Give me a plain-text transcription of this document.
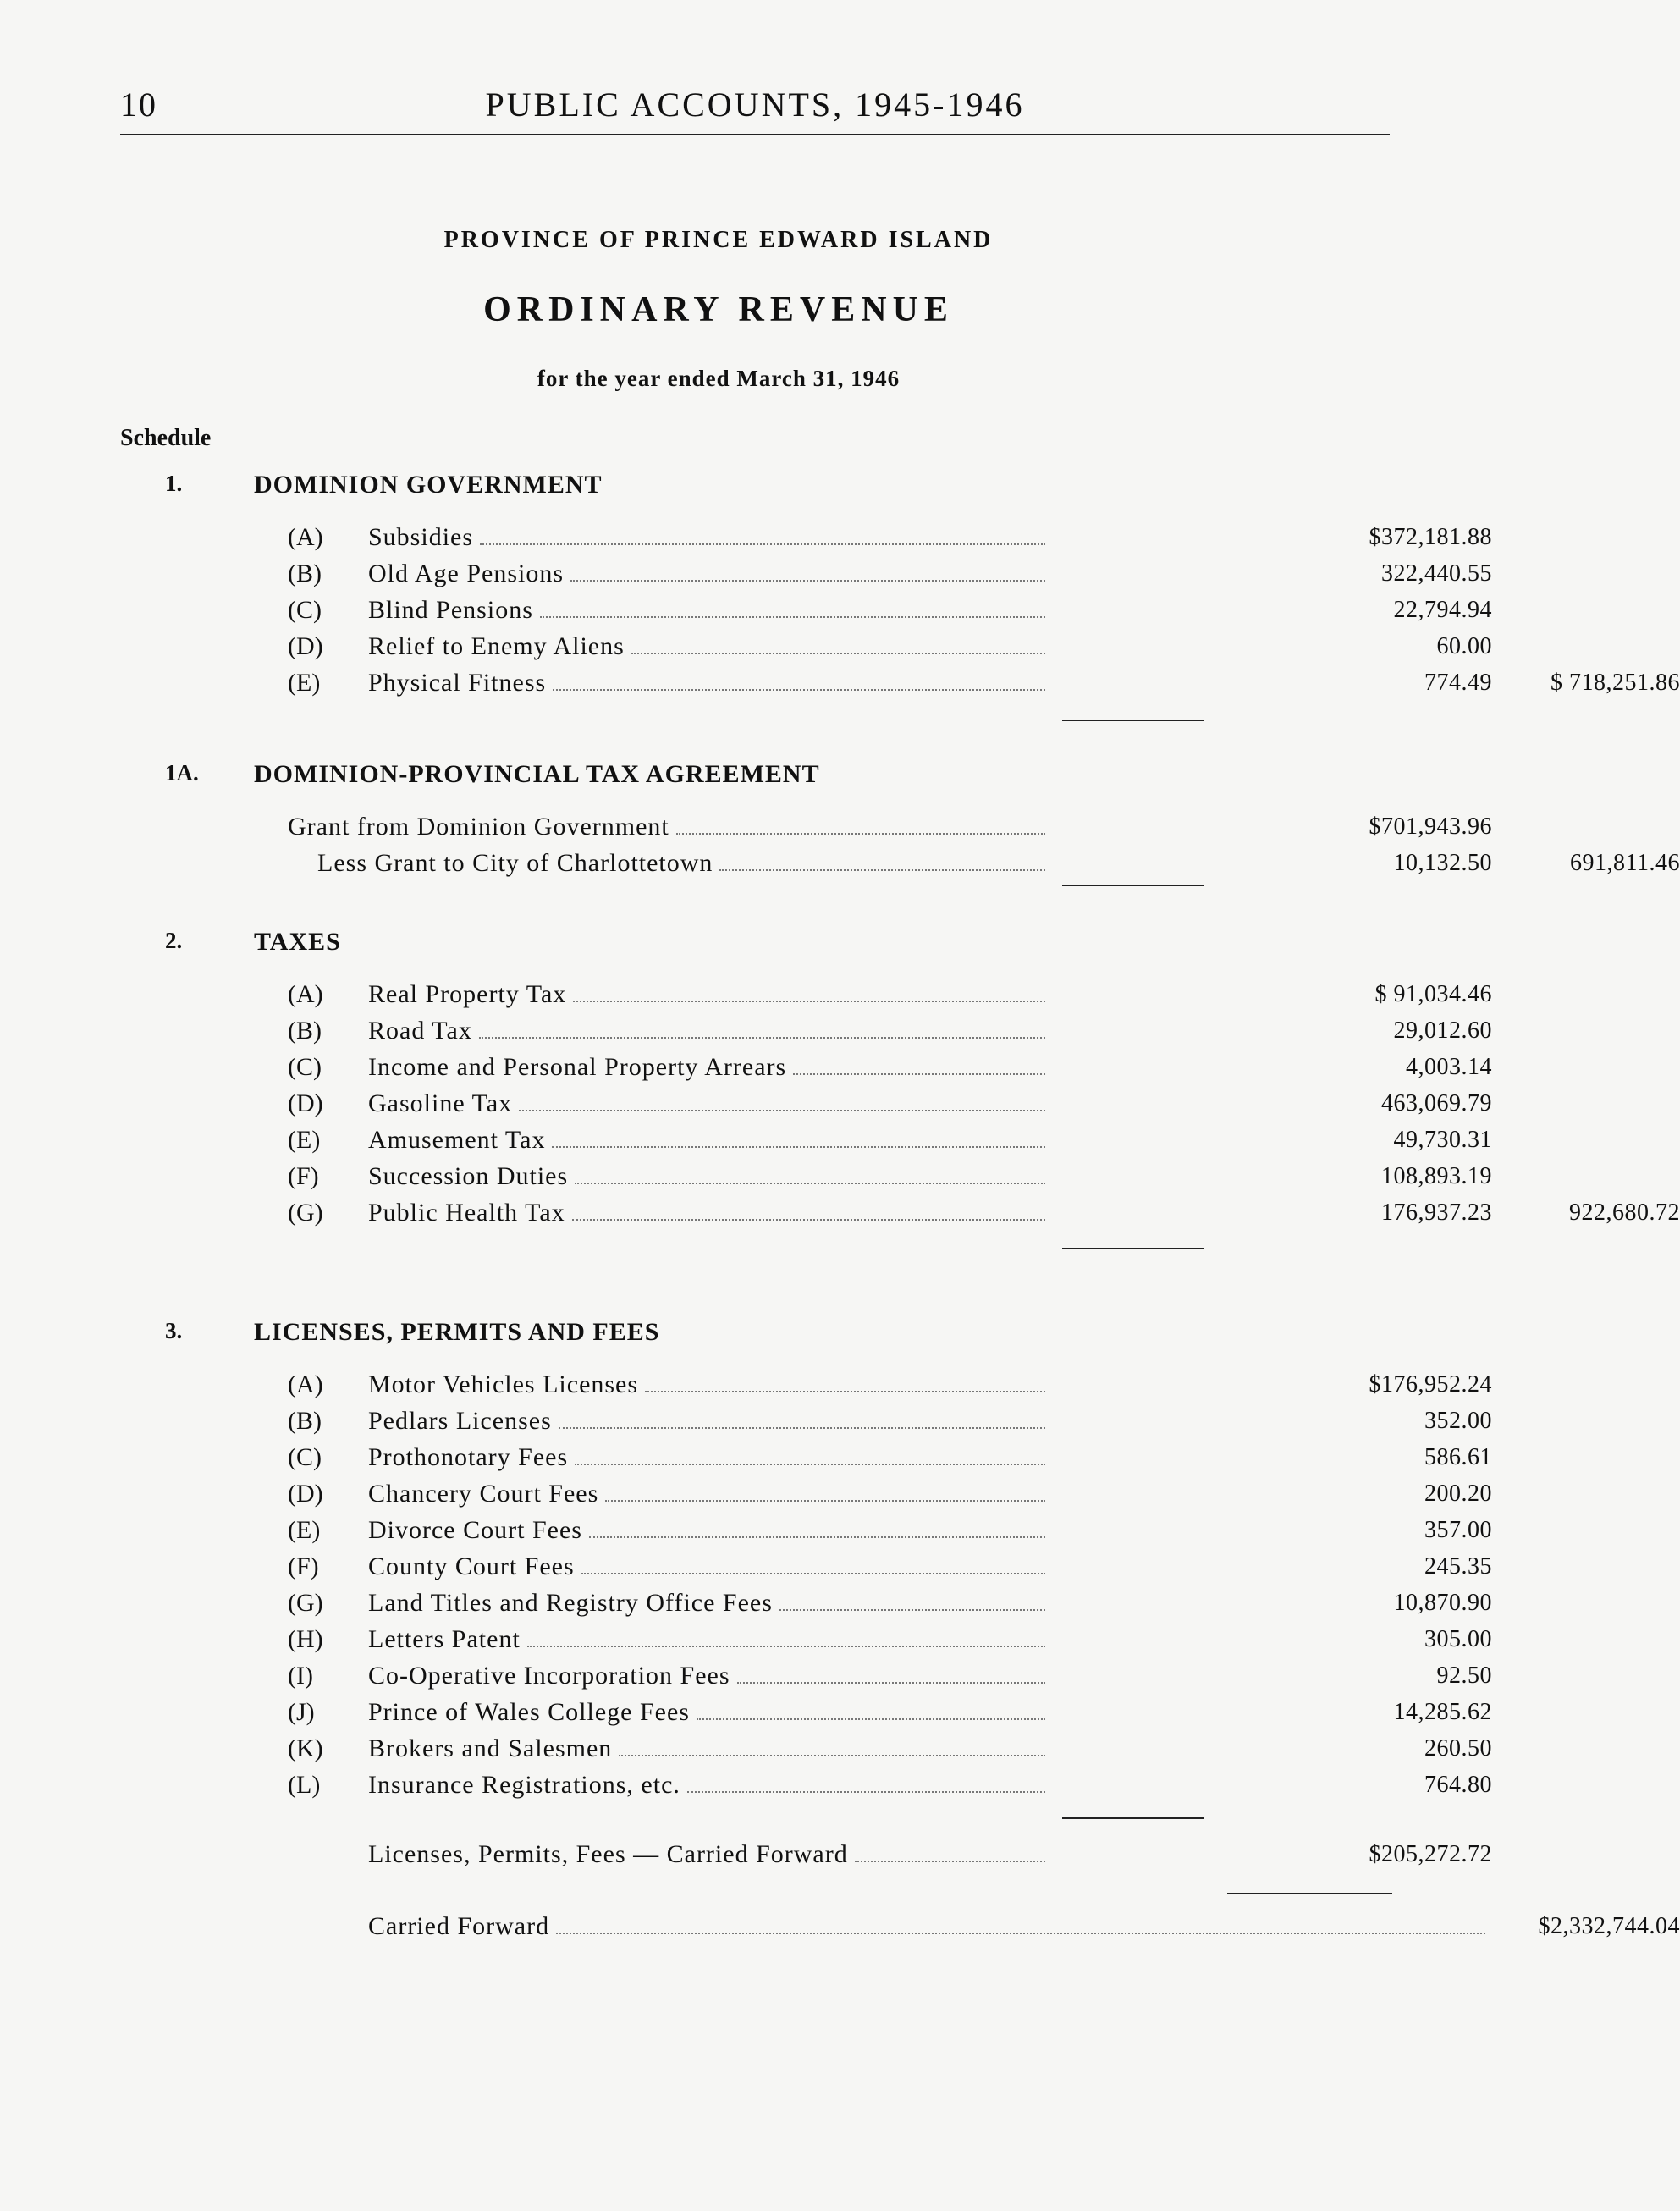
10	PUBLIC ACCOUNTS, 1945-1946
PROVINCE OF PRINCE EDWARD ISLAND
ORDINARY REVENUE
for the year ended March 31, 1946
Schedule
1.	DOMINION GOVERNMENT
(A)	Subsidies	$372,181.88
(B)	Old Age Pensions	322,440.55
(C)	Blind Pensions	22,794.94
(D)	Relief to Enemy Aliens	60.00
(E)	Physical Fitness	774.49	$ 718,251.86
1A. DOMINION-PROVINCIAL TAX AGREEMENT
Grant from Dominion Government	$701,943.96
Less Grant to City of Charlottetown	10,132.50	691,811.46
2.	TAXES
(A)	Real Property Tax	$ 91,034.46
(B)	Road Tax	29,012.60
(C)	Income and Personal Property Arrears	4,003.14
(D)	Gasoline Tax	463,069.79
(E)	Amusement Tax	49,730.31
(F)	Succession Duties	108,893.19
(G)	Public Health Tax	176,937.23	922,680.72
3.	LICENSES, PERMITS AND FEES
(A)	Motor Vehicles Licenses	$176,952.24
(B)	Pedlars Licenses	352.00
(C)	Prothonotary Fees	586.61
(D)	Chancery Court Fees	200.20
(E)	Divorce Court Fees	357.00
(F)	County Court Fees	245.35
(G)	Land Titles and Registry Office Fees	10,870.90
(H)	Letters Patent	305.00
(I)	Co-Operative Incorporation Fees	92.50
(J)	Prince of Wales College Fees	14,285.62
(K)	Brokers and Salesmen	260.50
(L)	Insurance Registrations, etc.	764.80
Licenses, Permits, Fees — Carried Forward	$205,272.72
Carried Forward	$2,332,744.04
